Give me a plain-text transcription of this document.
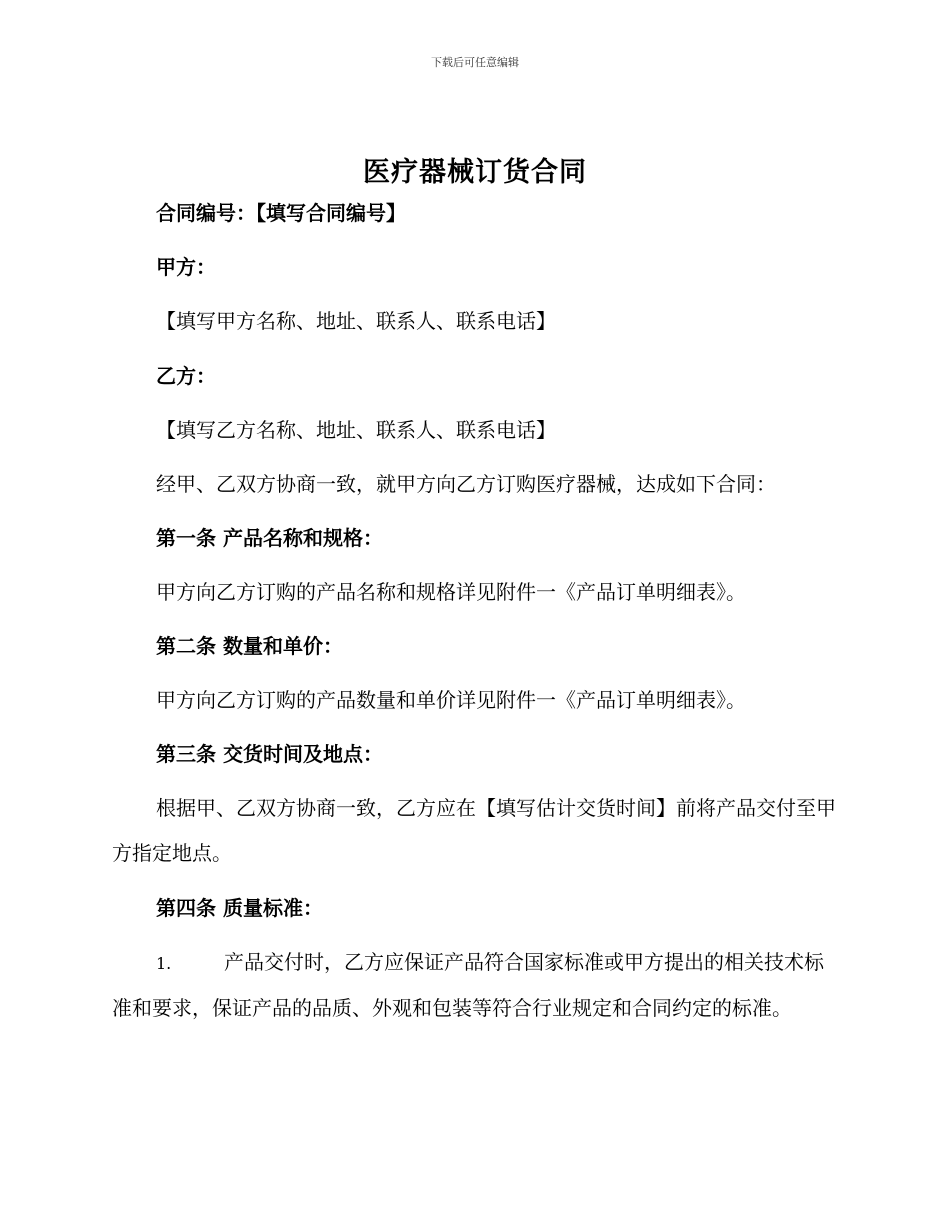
下载后可任意编辑
医疗器械订货合同
合同编号：【填写合同编号】
甲方：
【填写甲方名称、地址、联系人、联系电话】
乙方：
【填写乙方名称、地址、联系人、联系电话】
经甲、乙双方协商一致，就甲方向乙方订购医疗器械，达成如下合同：
第一条 产品名称和规格：
甲方向乙方订购的产品名称和规格详见附件一《产品订单明细表》。
第二条 数量和单价：
甲方向乙方订购的产品数量和单价详见附件一《产品订单明细表》。
第三条 交货时间及地点：
根据甲、乙双方协商一致，乙方应在【填写估计交货时间】前将产品交付至甲方指定地点。
第四条 质量标准：
1.	产品交付时，乙方应保证产品符合国家标准或甲方提出的相关技术标准和要求，保证产品的品质、外观和包装等符合行业规定和合同约定的标准。
